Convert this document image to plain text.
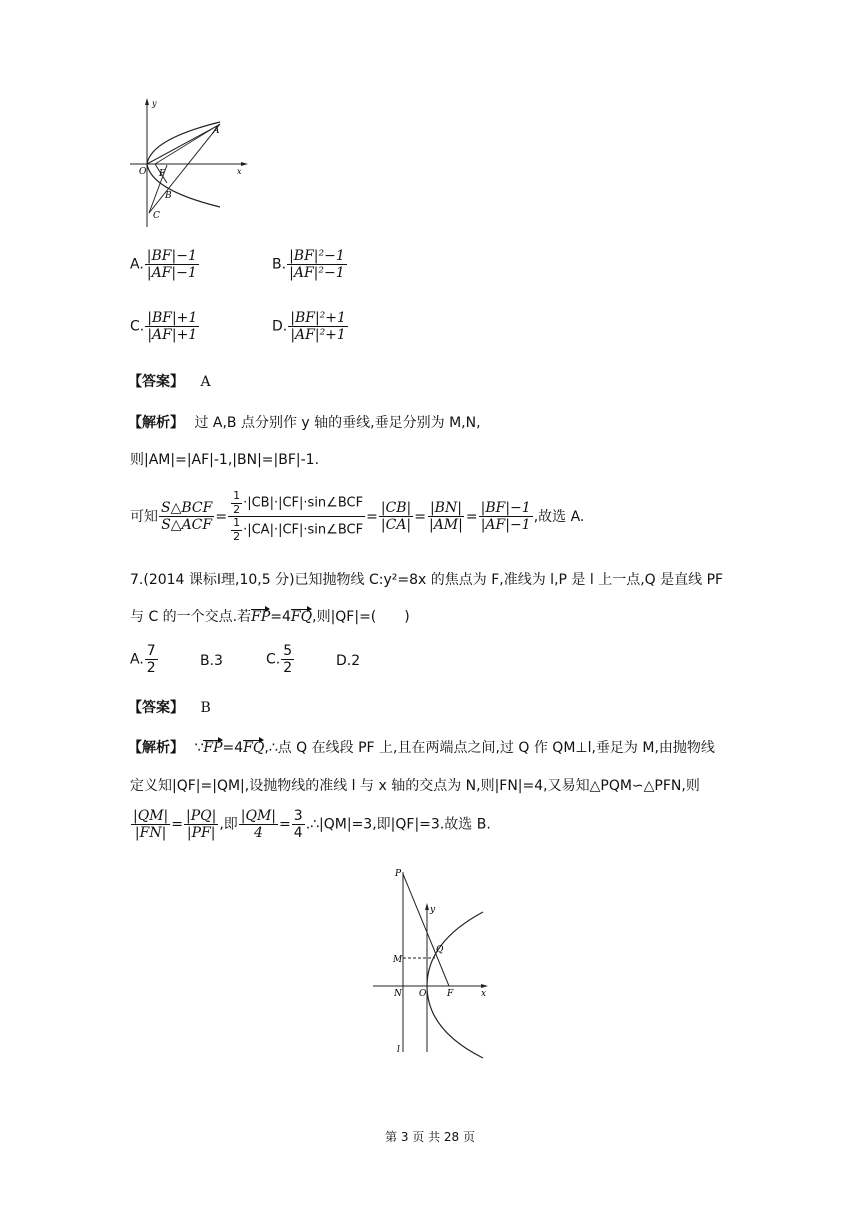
y
x
O F
A
B
C
A. $\frac{|BF|-1}{|AF|-1}$	B. $\frac{\text{|BF|²−1}}{\text{|AF|²−1}}$
C. $\frac{|BF|+1}{|AF|+1}$	D. $\frac{\text{|BF|²+1}}{\text{|AF|²+1}}$
【答案】 A
【解析】 过 A,B 点分别作 y 轴的垂线,垂足分别为 M,N,
则|AM|=|AF|-1,|BN|=|BF|-1.
可知 $\frac{\text{S△BCF}}{\text{S△ACF}} = \frac{\frac{1}{2} \cdot|CB|\cdot|CF|\cdot\sin\angle BCF}{\frac{1}{2} \cdot|CA|\cdot|CF|\cdot\sin\angle BCF} = \frac{|CB|}{|CA|} = \frac{|BN|}{|AM|} = \frac{|BF|-1}{|AF|-1}$ ,故选 A.
7.(2014 课标Ⅰ理,10,5 分)已知抛物线 C:y²=8x 的焦点为 F,准线为 l,P 是 l 上一点,Q 是直线 PF
与 C 的一个交点.若FP=4FQ,则|QF|=(　　)
A. $\frac{7}{2}$	B.3	C. $\frac{5}{2}$	D.2
【答案】 B
【解析】 ∵FP=4FQ,∴点 Q 在线段 PF 上,且在两端点之间,过 Q 作 QM⊥l,垂足为 M,由抛物线
定义知|QF|=|QM|,设抛物线的准线 l 与 x 轴的交点为 N,则|FN|=4,又易知△PQM∽△PFN,则
$\frac{|QM|}{|FN|} = \frac{|PQ|}{|PF|}$ ,即 $\frac{|QM|}{4} = \frac{3}{4}$ .∴|QM|=3,即|QF|=3.故选 B.
P
y
Q
M
N O F	x
l
第 3 页 共 28 页
